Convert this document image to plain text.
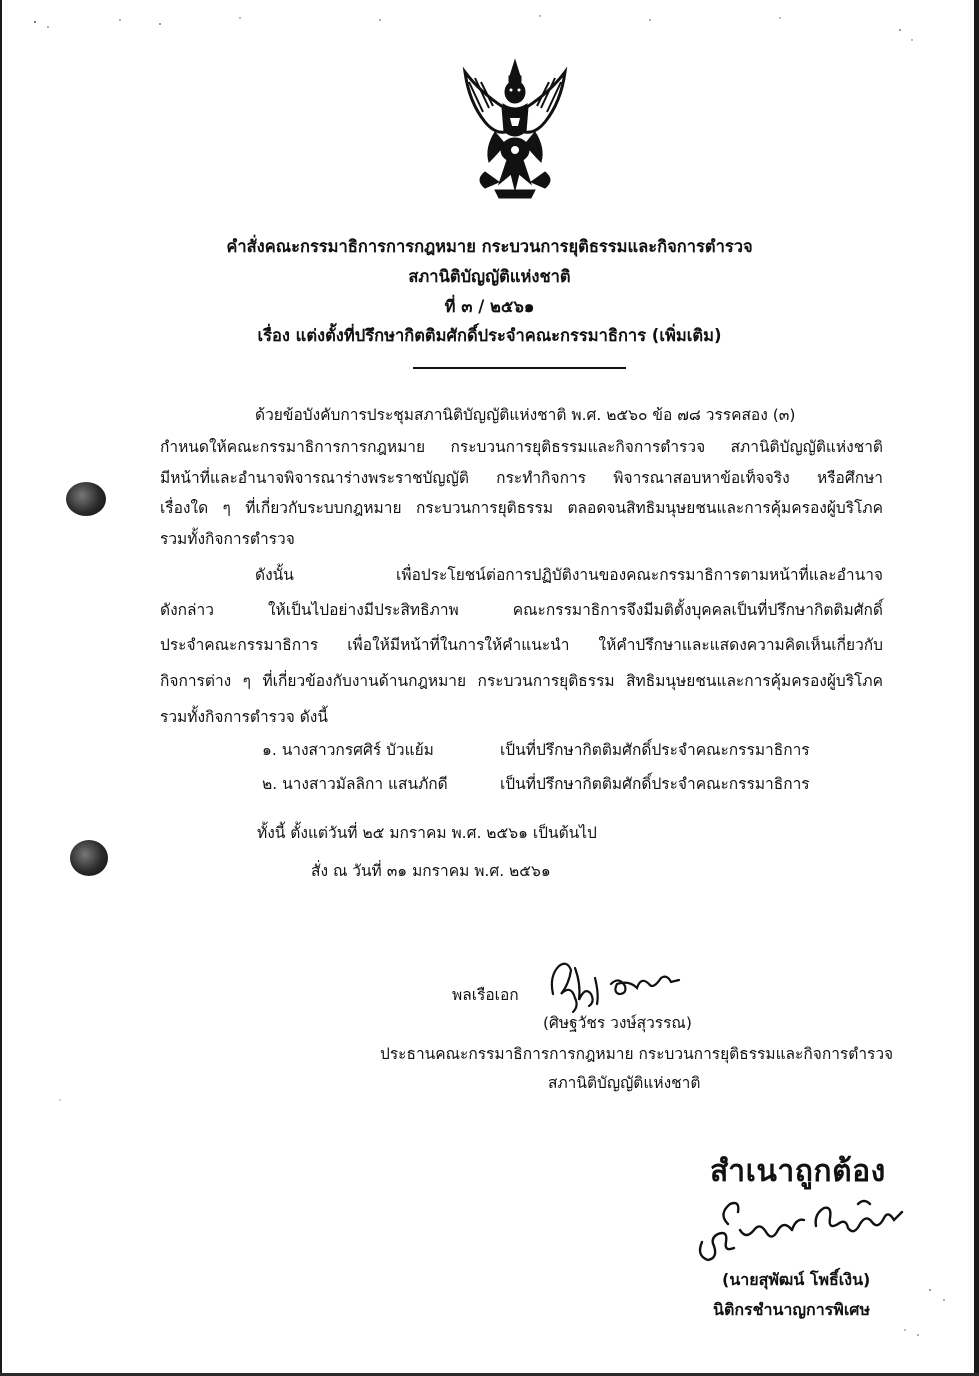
คำสั่งคณะกรรมาธิการการกฎหมาย กระบวนการยุติธรรมและกิจการตำรวจ
สภานิติบัญญัติแห่งชาติ
ที่ ๓ / ๒๕๖๑
เรื่อง แต่งตั้งที่ปรึกษากิตติมศักดิ์ประจำคณะกรรมาธิการ (เพิ่มเติม)
ด้วยข้อบังคับการประชุมสภานิติบัญญัติแห่งชาติ พ.ศ. ๒๕๖๐ ข้อ ๗๘ วรรคสอง (๓)
กำหนดให้คณะกรรมาธิการการกฎหมาย กระบวนการยุติธรรมและกิจการตำรวจ สภานิติบัญญัติแห่งชาติ
มีหน้าที่และอำนาจพิจารณาร่างพระราชบัญญัติ กระทำกิจการ พิจารณาสอบหาข้อเท็จจริง หรือศึกษา
เรื่องใด ๆ ที่เกี่ยวกับระบบกฎหมาย กระบวนการยุติธรรม ตลอดจนสิทธิมนุษยชนและการคุ้มครองผู้บริโภค
รวมทั้งกิจการตำรวจ
ดังนั้น เพื่อประโยชน์ต่อการปฏิบัติงานของคณะกรรมาธิการตามหน้าที่และอำนาจ
ดังกล่าว ให้เป็นไปอย่างมีประสิทธิภาพ คณะกรรมาธิการจึงมีมติตั้งบุคคลเป็นที่ปรึกษากิตติมศักดิ์
ประจำคณะกรรมาธิการ เพื่อให้มีหน้าที่ในการให้คำแนะนำ ให้คำปรึกษาและแสดงความคิดเห็นเกี่ยวกับ
กิจการต่าง ๆ ที่เกี่ยวข้องกับงานด้านกฎหมาย กระบวนการยุติธรรม สิทธิมนุษยชนและการคุ้มครองผู้บริโภค
รวมทั้งกิจการตำรวจ ดังนี้
๑. นางสาวกรศศิร์ บัวแย้ม	เป็นที่ปรึกษากิตติมศักดิ์ประจำคณะกรรมาธิการ
๒. นางสาวมัลลิกา แสนภักดี	เป็นที่ปรึกษากิตติมศักดิ์ประจำคณะกรรมาธิการ
ทั้งนี้ ตั้งแต่วันที่ ๒๕ มกราคม พ.ศ. ๒๕๖๑ เป็นต้นไป
สั่ง ณ วันที่ ๓๑ มกราคม พ.ศ. ๒๕๖๑
พลเรือเอก
(ศิษฐวัชร วงษ์สุวรรณ)
ประธานคณะกรรมาธิการการกฎหมาย กระบวนการยุติธรรมและกิจการตำรวจ
สภานิติบัญญัติแห่งชาติ
สำเนาถูกต้อง
(นายสุพัฒน์ โพธิ์เงิน)
นิติกรชำนาญการพิเศษ
